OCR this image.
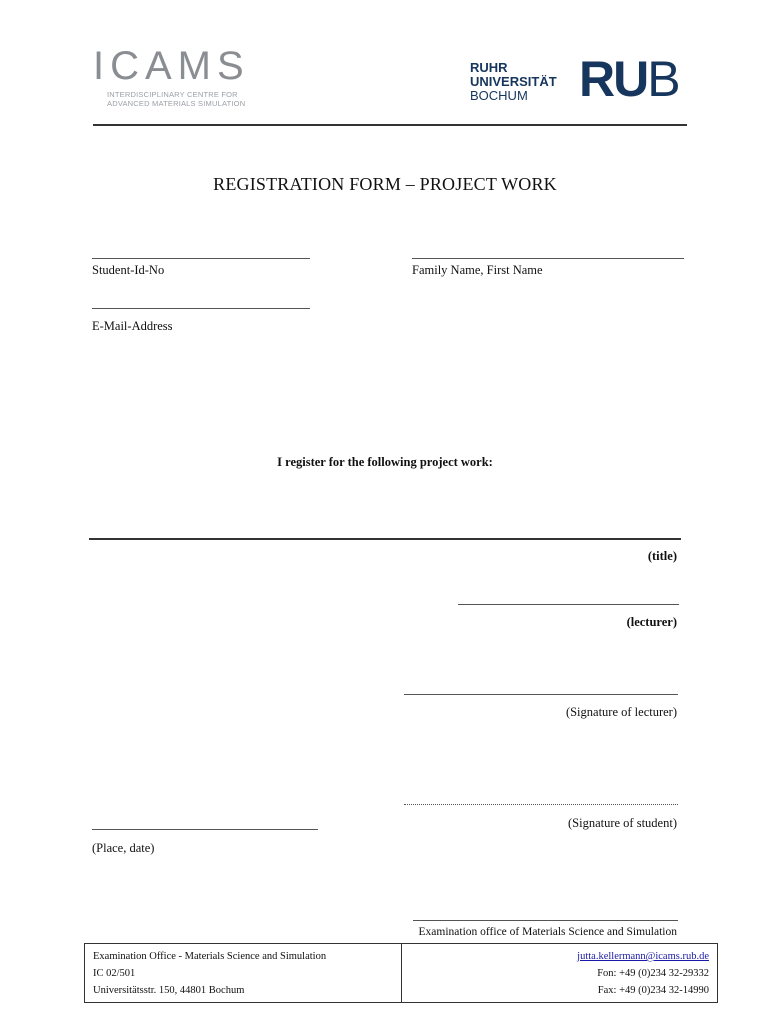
ICAMS
INTERDISCIPLINARY CENTRE FOR
ADVANCED MATERIALS SIMULATION
RUHR
UNIVERSITÄT
BOCHUM	RUB
REGISTRATION FORM – PROJECT WORK
Student-Id-No	Family Name, First Name
E-Mail-Address
I register for the following project work:
(title)
(lecturer)
(Signature of lecturer)
(Signature of student)
(Place, date)
Examination office of Materials Science and Simulation
Examination Office - Materials Science and Simulation
IC 02/501
Universitätsstr. 150, 44801 Bochum
jutta.kellermann@icams.rub.de
Fon: +49 (0)234 32-29332
Fax: +49 (0)234 32-14990
